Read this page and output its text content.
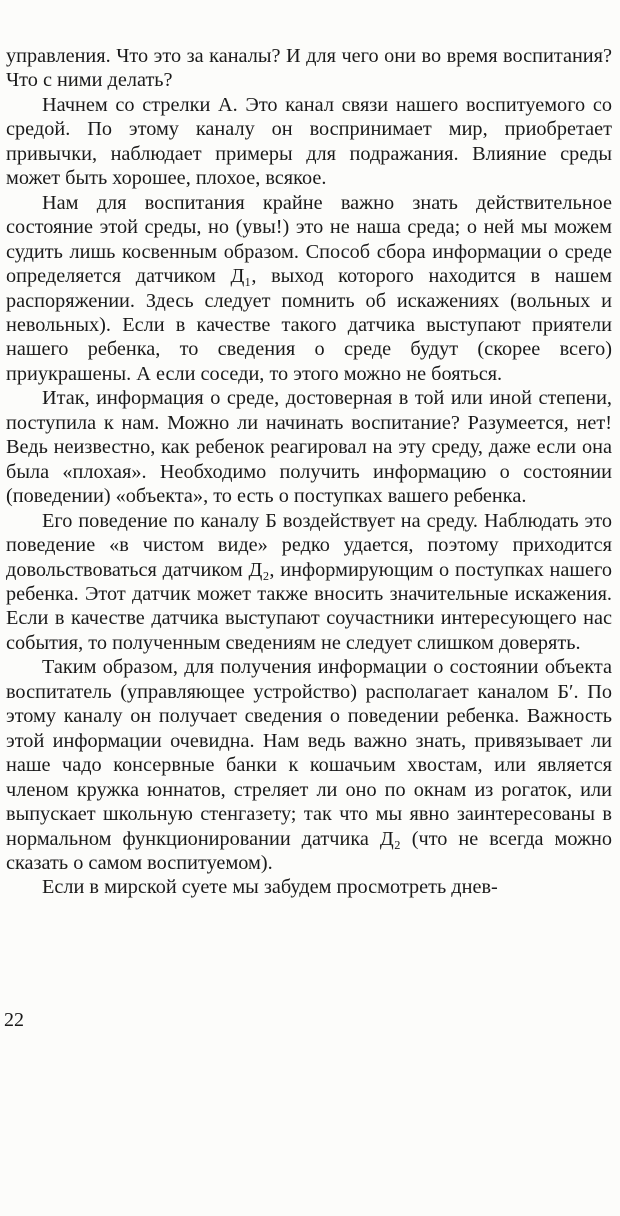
управления. Что это за каналы? И для чего они во время воспитания? Что с ними делать?

Начнем со стрелки А. Это канал связи нашего воспитуемого со средой. По этому каналу он воспринимает мир, приобретает привычки, наблюдает примеры для подражания. Влияние среды может быть хорошее, плохое, всякое.

Нам для воспитания крайне важно знать действительное состояние этой среды, но (увы!) это не наша среда; о ней мы можем судить лишь косвенным образом. Способ сбора информации о среде определяется датчиком Д₁, выход которого находится в нашем распоряжении. Здесь следует помнить об искажениях (вольных и невольных). Если в качестве такого датчика выступают приятели нашего ребенка, то сведения о среде будут (скорее всего) приукрашены. А если соседи, то этого можно не бояться.

Итак, информация о среде, достоверная в той или иной степени, поступила к нам. Можно ли начинать воспитание? Разумеется, нет! Ведь неизвестно, как ребенок реагировал на эту среду, даже если она была «плохая». Необходимо получить информацию о состоянии (поведении) «объекта», то есть о поступках вашего ребенка.

Его поведение по каналу Б воздействует на среду. Наблюдать это поведение «в чистом виде» редко удается, поэтому приходится довольствоваться датчиком Д₂, информирующим о поступках нашего ребенка. Этот датчик может также вносить значительные искажения. Если в качестве датчика выступают соучастники интересующего нас события, то полученным сведениям не следует слишком доверять.

Таким образом, для получения информации о состоянии объекта воспитатель (управляющее устройство) располагает каналом Б′. По этому каналу он получает сведения о поведении ребенка. Важность этой информации очевидна. Нам ведь важно знать, привязывает ли наше чадо консервные банки к кошачьим хвостам, или является членом кружка юннатов, стреляет ли оно по окнам из рогаток, или выпускает школьную стенгазету; так что мы явно заинтересованы в нормальном функционировании датчика Д₂ (что не всегда можно сказать о самом воспитуемом).

Если в мирской суете мы забудем просмотреть днев-

22
